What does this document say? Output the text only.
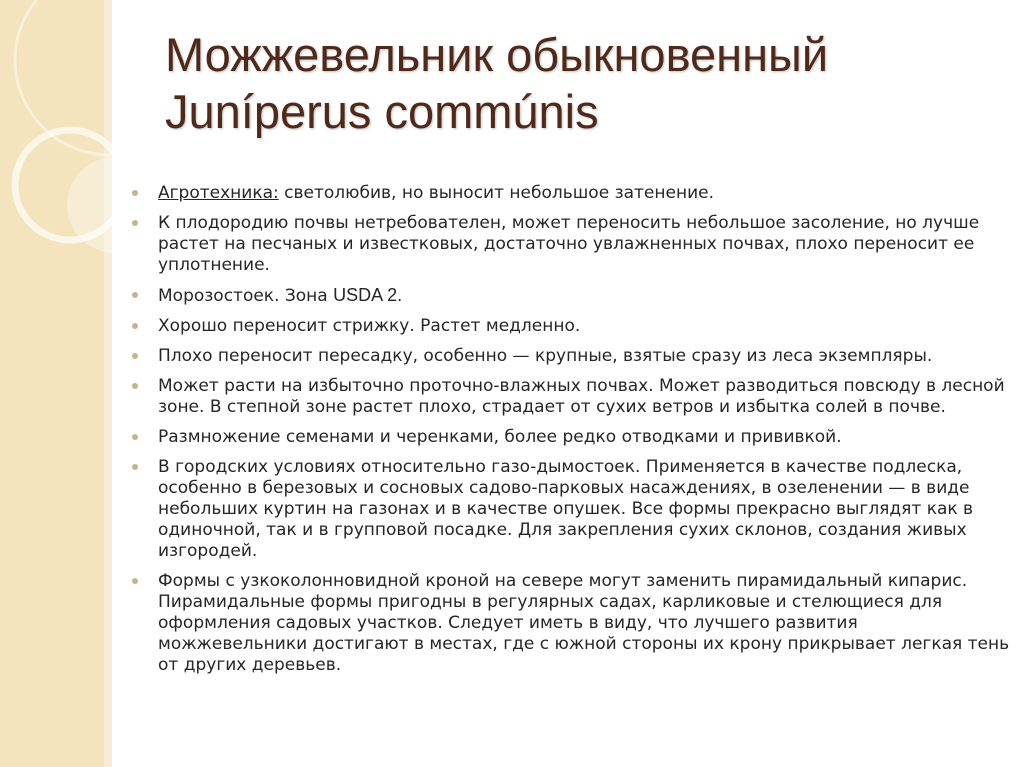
Можжевельник обыкновенный
Juníperus commúnis
Агротехника: светолюбив, но выносит небольшое затенение.
К плодородию почвы нетребователен, может переносить небольшое засоление, но лучше растет на песчаных и известковых, достаточно увлажненных почвах, плохо переносит ее уплотнение.
Морозостоек. Зона USDA 2.
Хорошо переносит стрижку. Растет медленно.
Плохо переносит пересадку, особенно — крупные, взятые сразу из леса экземпляры.
Может расти на избыточно проточно-влажных почвах. Может разводиться повсюду в лесной зоне. В степной зоне растет плохо, страдает от сухих ветров и избытка солей в почве.
Размножение семенами и черенками, более редко отводками и прививкой.
В городских условиях относительно газо-дымостоек. Применяется в качестве подлеска, особенно в березовых и сосновых садово-парковых насаждениях, в озеленении — в виде небольших куртин на газонах и в качестве опушек. Все формы прекрасно выглядят как в одиночной, так и в групповой посадке. Для закрепления сухих склонов, создания живых изгородей.
Формы с узкоколонновидной кроной на севере могут заменить пирамидальный кипарис. Пирамидальные формы пригодны в регулярных садах, карликовые и стелющиеся для оформления садовых участков. Следует иметь в виду, что лучшего развития можжевельники достигают в местах, где с южной стороны их крону прикрывает легкая тень от других деревьев.
